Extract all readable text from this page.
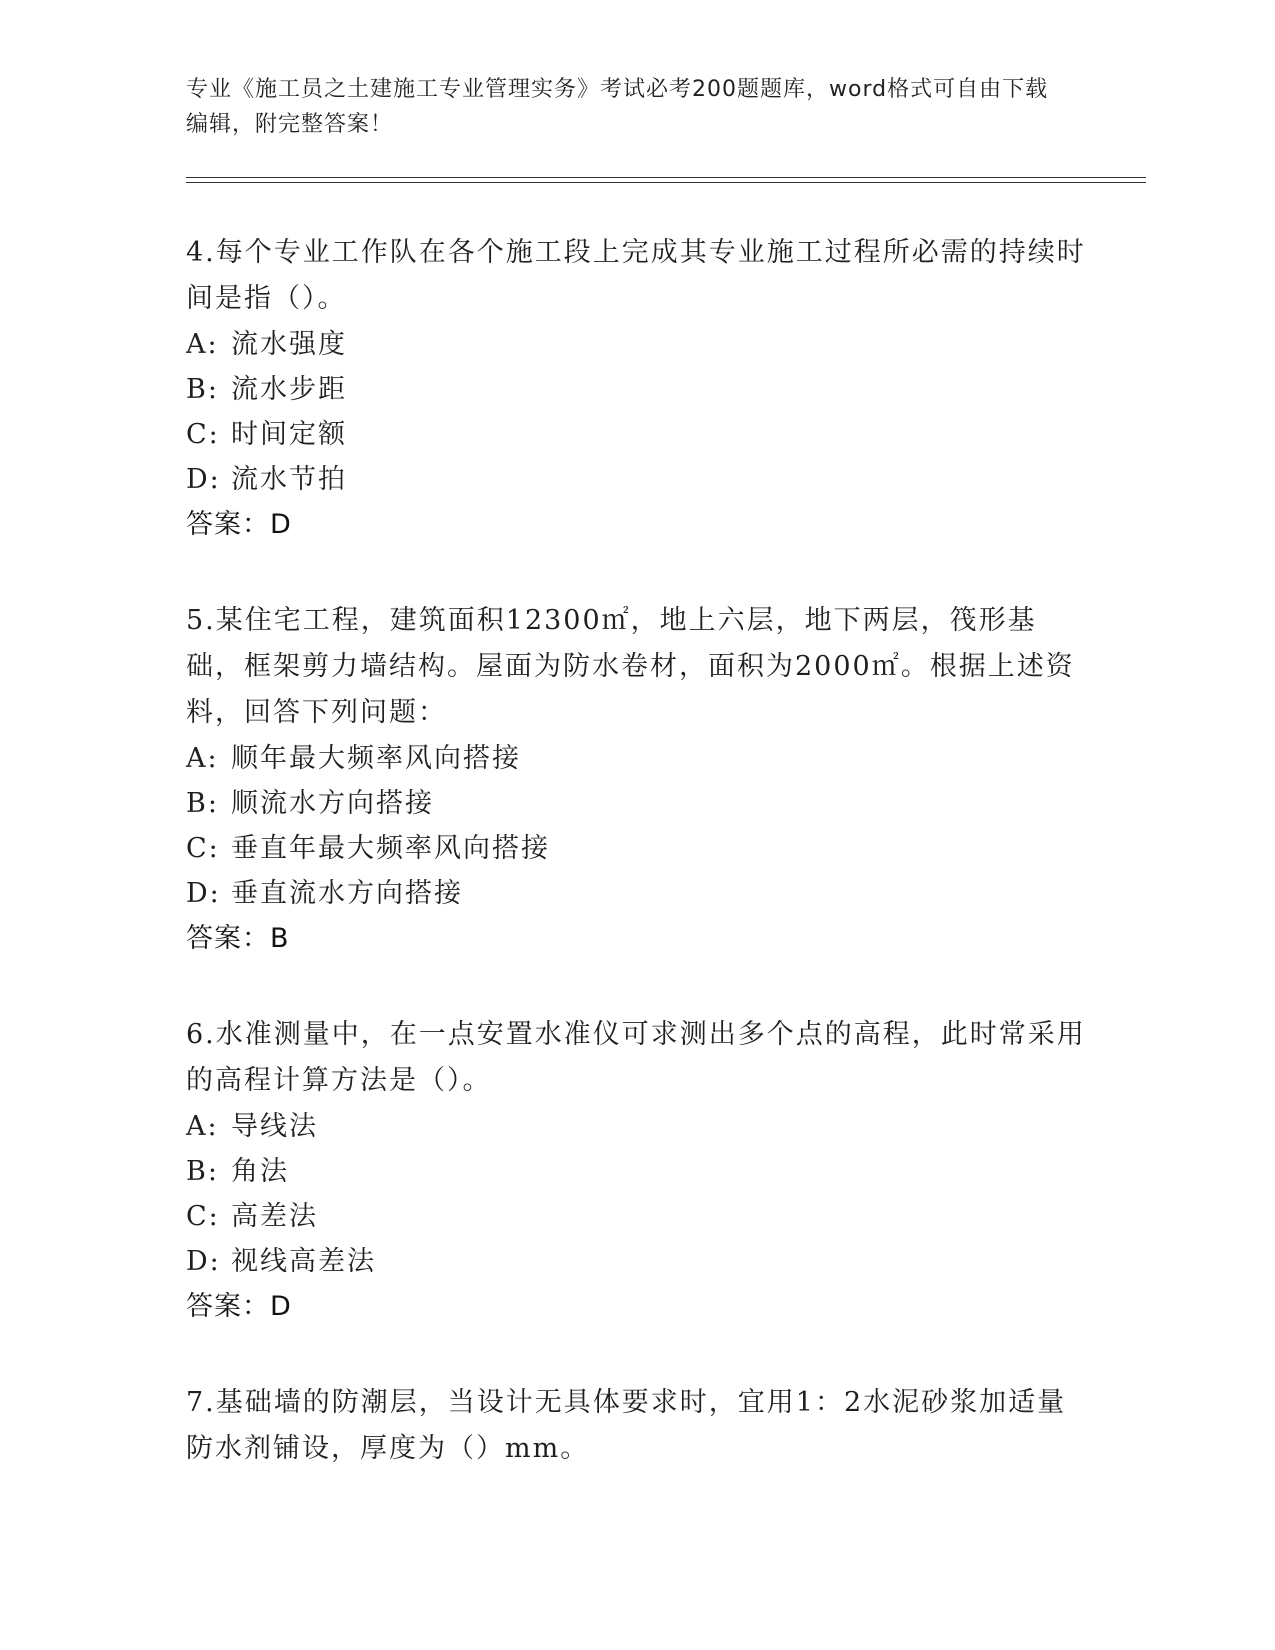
专业《施工员之土建施工专业管理实务》考试必考200题题库，word格式可自由下载编辑，附完整答案！

4.每个专业工作队在各个施工段上完成其专业施工过程所必需的持续时间是指（）。

A: 流水强度
B: 流水步距
C: 时间定额
D: 流水节拍
答案：D

5.某住宅工程，建筑面积12300㎡，地上六层，地下两层，筏形基础，框架剪力墙结构。屋面为防水卷材，面积为2000㎡。根据上述资料，回答下列问题：

A: 顺年最大频率风向搭接
B: 顺流水方向搭接
C: 垂直年最大频率风向搭接
D: 垂直流水方向搭接
答案：B

6.水准测量中，在一点安置水准仪可求测出多个点的高程，此时常采用的高程计算方法是（）。

A: 导线法
B: 角法
C: 高差法
D: 视线高差法
答案：D

7.基础墙的防潮层，当设计无具体要求时，宜用1：2水泥砂浆加适量防水剂铺设，厚度为（）mm。
